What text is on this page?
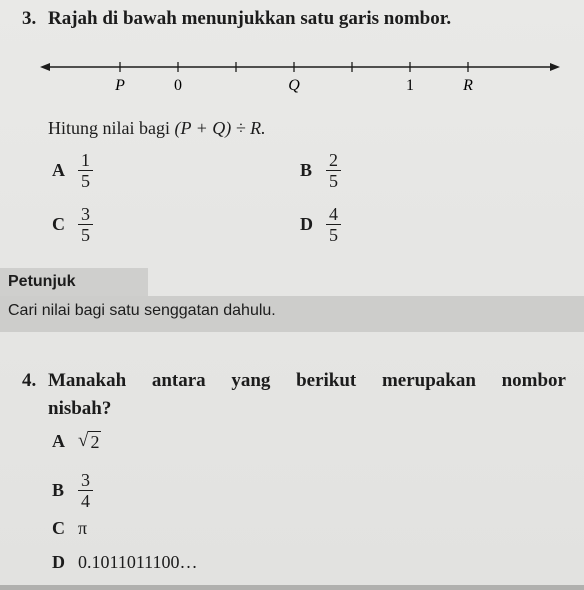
3. Rajah di bawah menunjukkan satu garis nombor.
P	0	Q	1	R
Hitung nilai bagi (P + Q) ÷ R.
A $\frac{1}{5}$	B $\frac{2}{5}$
C $\frac{3}{5}$	D $\frac{4}{5}$
Petunjuk
Cari nilai bagi satu senggatan dahulu.
4. Manakah antara yang berikut merupakan nombor
nisbah?
A √ 2
B $\frac{3}{4}$
C π
D 0.1011011100…
